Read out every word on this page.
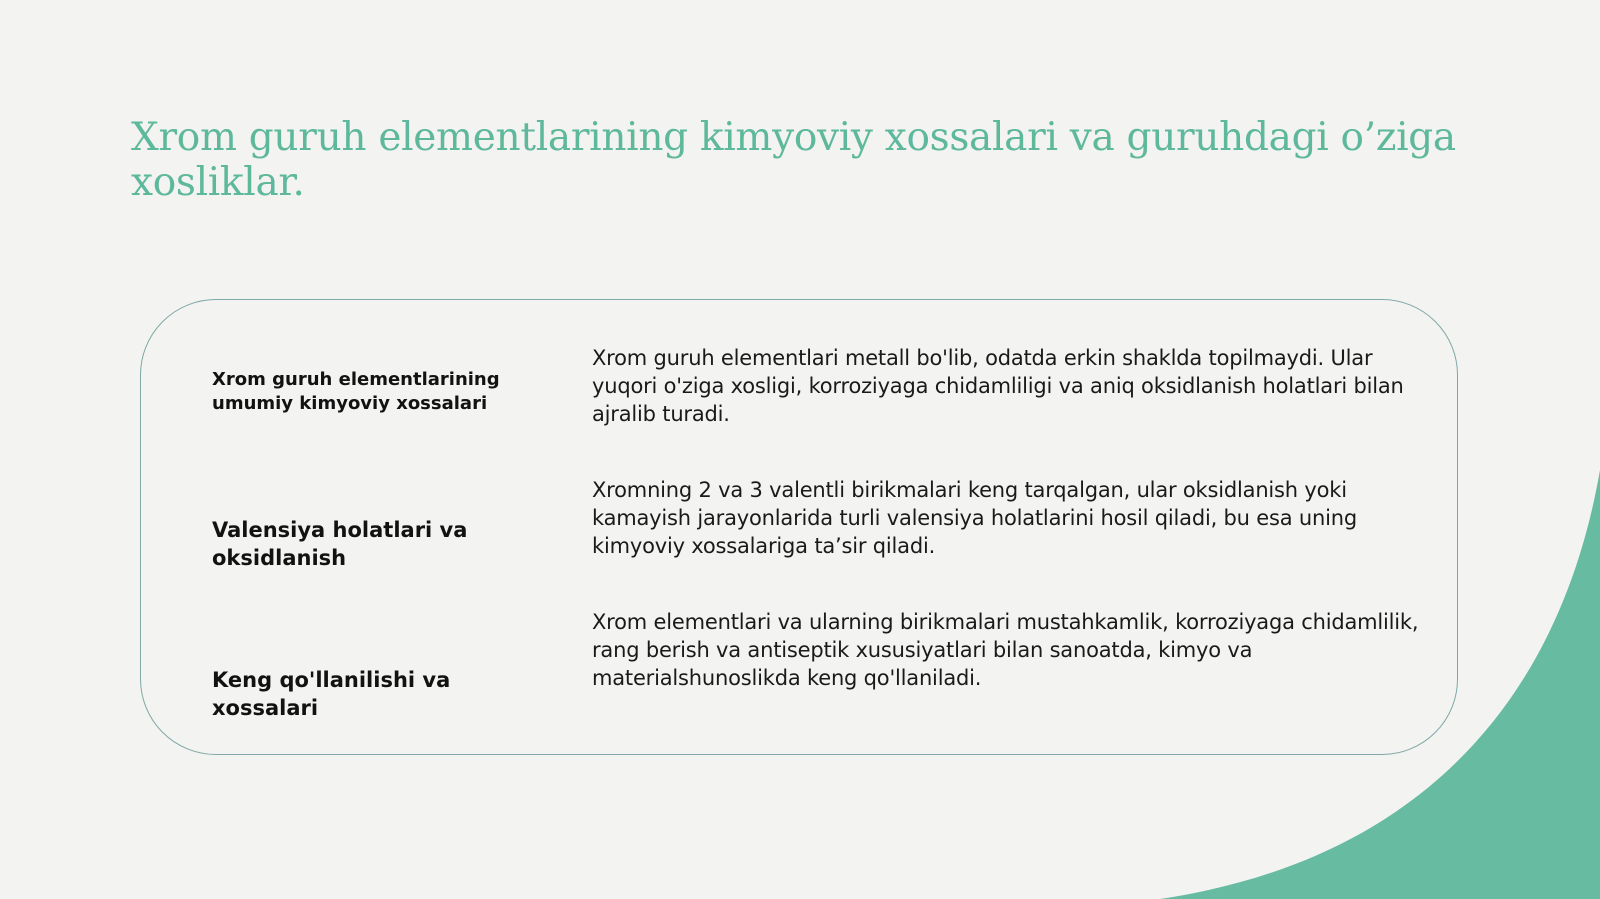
Xrom guruh elementlarining kimyoviy xossalari va guruhdagi o’ziga xosliklar.
Xrom guruh elementlarining umumiy kimyoviy xossalari
Xrom guruh elementlari metall bo'lib, odatda erkin shaklda topilmaydi. Ular yuqori o'ziga xosligi, korroziyaga chidamliligi va aniq oksidlanish holatlari bilan ajralib turadi.
Valensiya holatlari va oksidlanish
Xromning 2 va 3 valentli birikmalari keng tarqalgan, ular oksidlanish yoki kamayish jarayonlarida turli valensiya holatlarini hosil qiladi, bu esa uning kimyoviy xossalariga ta’sir qiladi.
Keng qo'llanilishi va xossalari
Xrom elementlari va ularning birikmalari mustahkamlik, korroziyaga chidamlilik, rang berish va antiseptik xususiyatlari bilan sanoatda, kimyo va materialshunoslikda keng qo'llaniladi.
